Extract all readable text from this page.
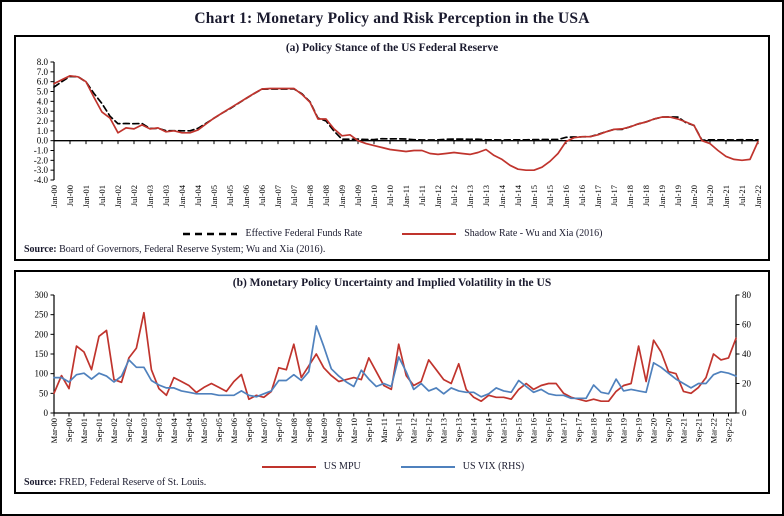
Chart 1: Monetary Policy and Risk Perception in the USA
(a) Policy Stance of the US Federal Reserve
8.0
7.0
6.0
5.0
4.0
3.0
2.0
1.0
0.0
-1.0
-2.0
-3.0
-4.0
Jan-00 Jul-00 Jan-01 Jul-01 Jan-02 Jul-02 Jan-03 Jul-03 Jan-04 Jul-04 Jan-05 Jul-05 Jan-06 Jul-06 Jan-07 Jul-07 Jan-08 Jul-08 Jan-09 Jul-09 Jan-10 Jul-10 Jan-11 Jul-11 Jan-12 Jul-12 Jan-13 Jul-13 Jan-14 Jul-14 Jan-15 Jul-15 Jan-16 Jul-16 Jan-17 Jul-17 Jan-18 Jul-18 Jan-19 Jul-19 Jan-20 Jul-20 Jan-21 Jul-21 Jan-22
Effective Federal Funds Rate	Shadow Rate - Wu and Xia (2016)
Source: Board of Governors, Federal Reserve System; Wu and Xia (2016).
(b) Monetary Policy Uncertainty and Implied Volatility in the US
300
250
200
150
100
50
0
80
60
40
20
0
Mar-00 Sep-00 Mar-01 Sep-01 Mar-02 Sep-02 Mar-03 Sep-03 Mar-04 Sep-04 Mar-05 Sep-05 Mar-06 Sep-06 Mar-07 Sep-07 Mar-08 Sep-08 Mar-09 Sep-09 Mar-10 Sep-10 Mar-11 Sep-11 Mar-12 Sep-12 Mar-13 Sep-13 Mar-14 Sep-14 Mar-15 Sep-15 Mar-16 Sep-16 Mar-17 Sep-17 Mar-18 Sep-18 Mar-19 Sep-19 Mar-20 Sep-20 Mar-21 Sep-21 Mar-22 Sep-22
US MPU	US VIX (RHS)
Source: FRED, Federal Reserve of St. Louis.
